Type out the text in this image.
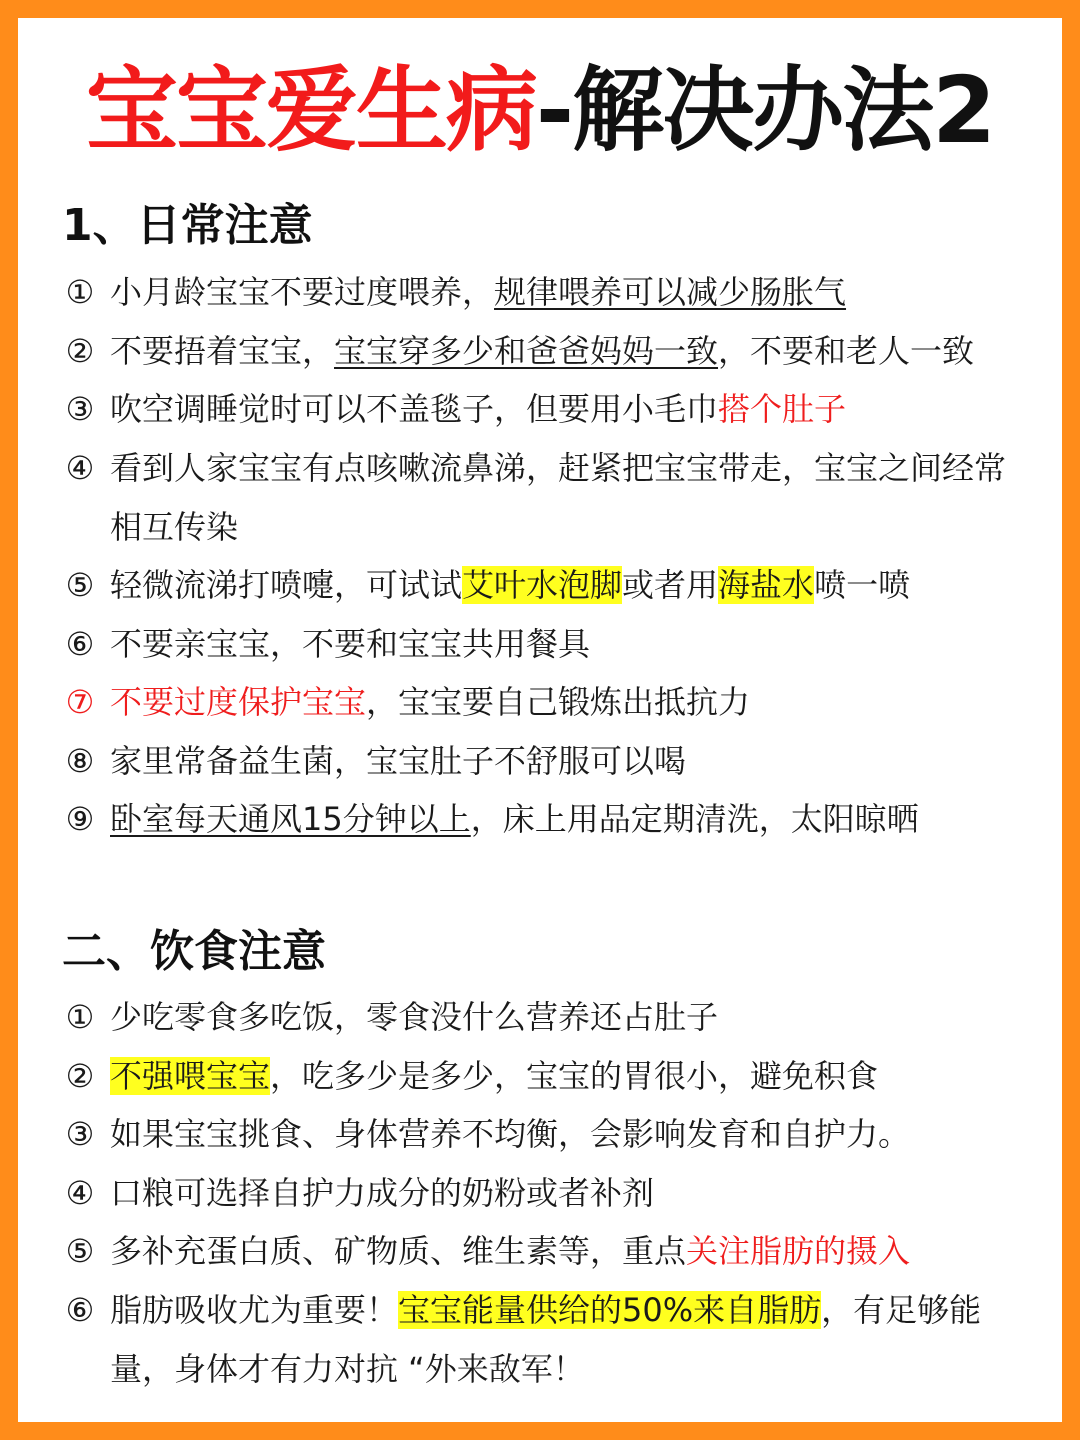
宝宝爱生病-解决办法2
1、日常注意
① 小月龄宝宝不要过度喂养，规律喂养可以减少肠胀气
② 不要捂着宝宝，宝宝穿多少和爸爸妈妈一致，不要和老人一致
③ 吹空调睡觉时可以不盖毯子，但要用小毛巾搭个肚子
④ 看到人家宝宝有点咳嗽流鼻涕，赶紧把宝宝带走，宝宝之间经常相互传染
⑤ 轻微流涕打喷嚏，可试试艾叶水泡脚或者用海盐水喷一喷
⑥ 不要亲宝宝，不要和宝宝共用餐具
⑦ 不要过度保护宝宝，宝宝要自己锻炼出抵抗力
⑧ 家里常备益生菌，宝宝肚子不舒服可以喝
⑨ 卧室每天通风15分钟以上，床上用品定期清洗，太阳晾晒
二、饮食注意
① 少吃零食多吃饭，零食没什么营养还占肚子
② 不强喂宝宝，吃多少是多少，宝宝的胃很小，避免积食
③ 如果宝宝挑食、身体营养不均衡，会影响发育和自护力。
④ 口粮可选择自护力成分的奶粉或者补剂
⑤ 多补充蛋白质、矿物质、维生素等，重点关注脂肪的摄入
⑥ 脂肪吸收尤为重要！宝宝能量供给的50%来自脂肪，有足够能量，身体才有力对抗 “外来敌军！
